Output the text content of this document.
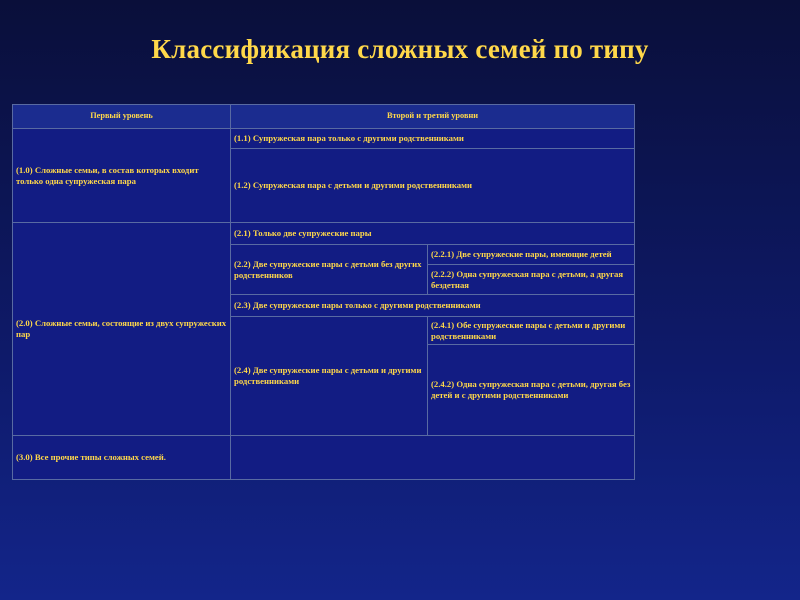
Классификация сложных семей по типу
Первый уровень	Второй и третий уровни	
(1.0) Сложные семьи, в состав которых входит только одна супружеская пара	(1.1) Супружеская пара только с другими родственниками	
	(1.2) Супружеская пара с детьми и другими родственниками	
(2.0) Сложные семьи, состоящие из двух супружеских пар	(2.1) Только две супружеские пары	
	(2.2) Две супружеские пары с детьми без других родственников	(2.2.1) Две супружеские пары, имеющие детей
		(2.2.2) Одна супружеская пара с детьми, а другая бездетная
	(2.3) Две супружеские пары только с другими родственниками	
	(2.4) Две супружеские пары с детьми и другими родственниками	(2.4.1) Обе супружеские пары с детьми и другими родственниками
		(2.4.2) Одна супружеская пара с детьми, другая без детей и с другими родственниками

(3.0) Все прочие типы сложных семей.		
